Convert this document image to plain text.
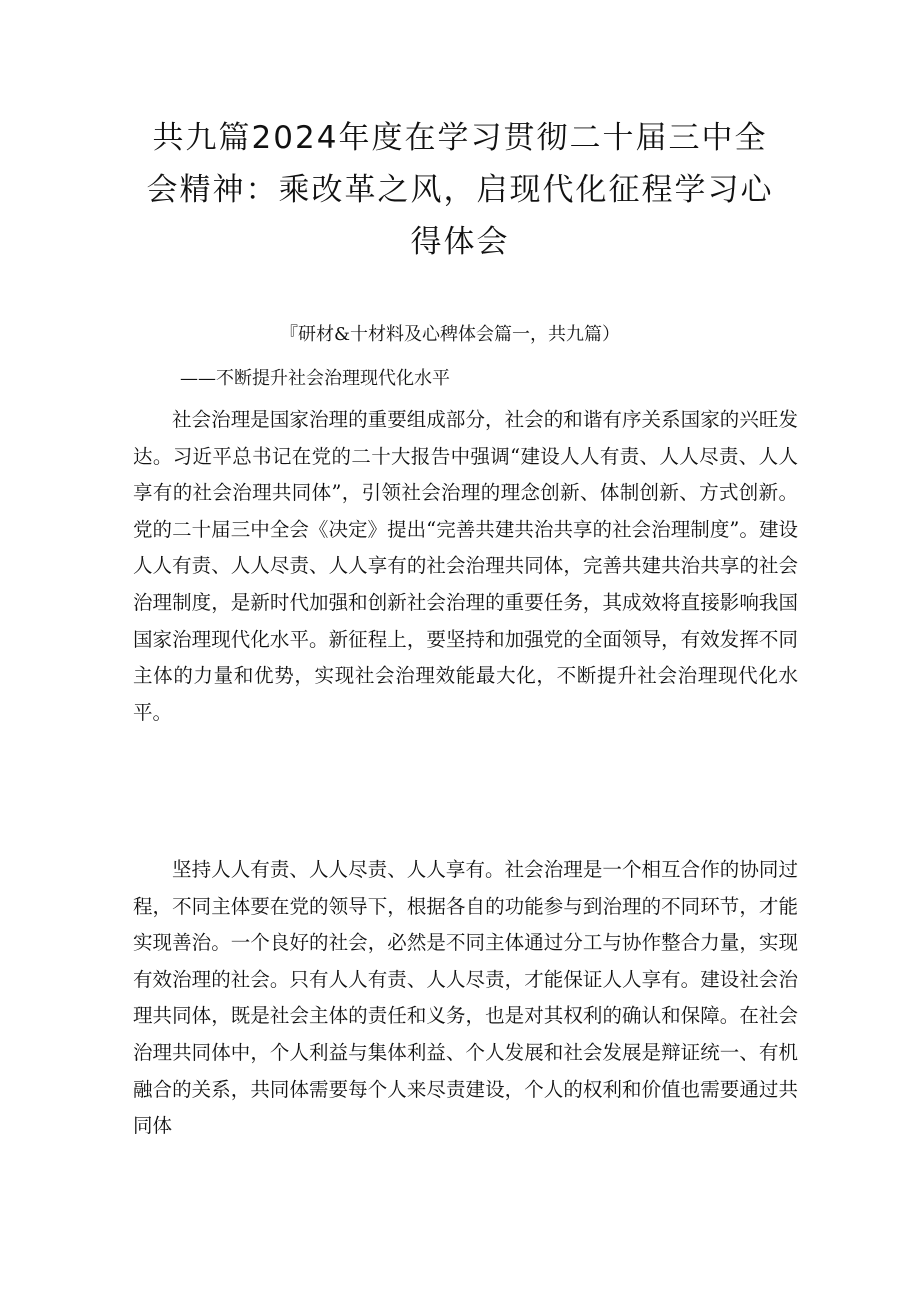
共九篇2024年度在学习贯彻二十届三中全
会精神：乘改革之风，启现代化征程学习心
得体会
『研材&十材料及心稗体会篇一，共九篇）
——不断提升社会治理现代化水平

社会治理是国家治理的重要组成部分，社会的和谐有序关系国家的兴旺发达。习近平总书记在党的二十大报告中强调“建设人人有责、人人尽责、人人享有的社会治理共同体”，引领社会治理的理念创新、体制创新、方式创新。党的二十届三中全会《决定》提出“完善共建共治共享的社会治理制度”。建设人人有责、人人尽责、人人享有的社会治理共同体，完善共建共治共享的社会治理制度，是新时代加强和创新社会治理的重要任务，其成效将直接影响我国国家治理现代化水平。新征程上，要坚持和加强党的全面领导，有效发挥不同主体的力量和优势，实现社会治理效能最大化，不断提升社会治理现代化水平。

坚持人人有责、人人尽责、人人享有。社会治理是一个相互合作的协同过程，不同主体要在党的领导下，根据各自的功能参与到治理的不同环节，才能实现善治。一个良好的社会，必然是不同主体通过分工与协作整合力量，实现有效治理的社会。只有人人有责、人人尽责，才能保证人人享有。建设社会治理共同体，既是社会主体的责任和义务，也是对其权利的确认和保障。在社会治理共同体中，个人利益与集体利益、个人发展和社会发展是辩证统一、有机融合的关系，共同体需要每个人来尽责建设，个人的权利和价值也需要通过共同体
